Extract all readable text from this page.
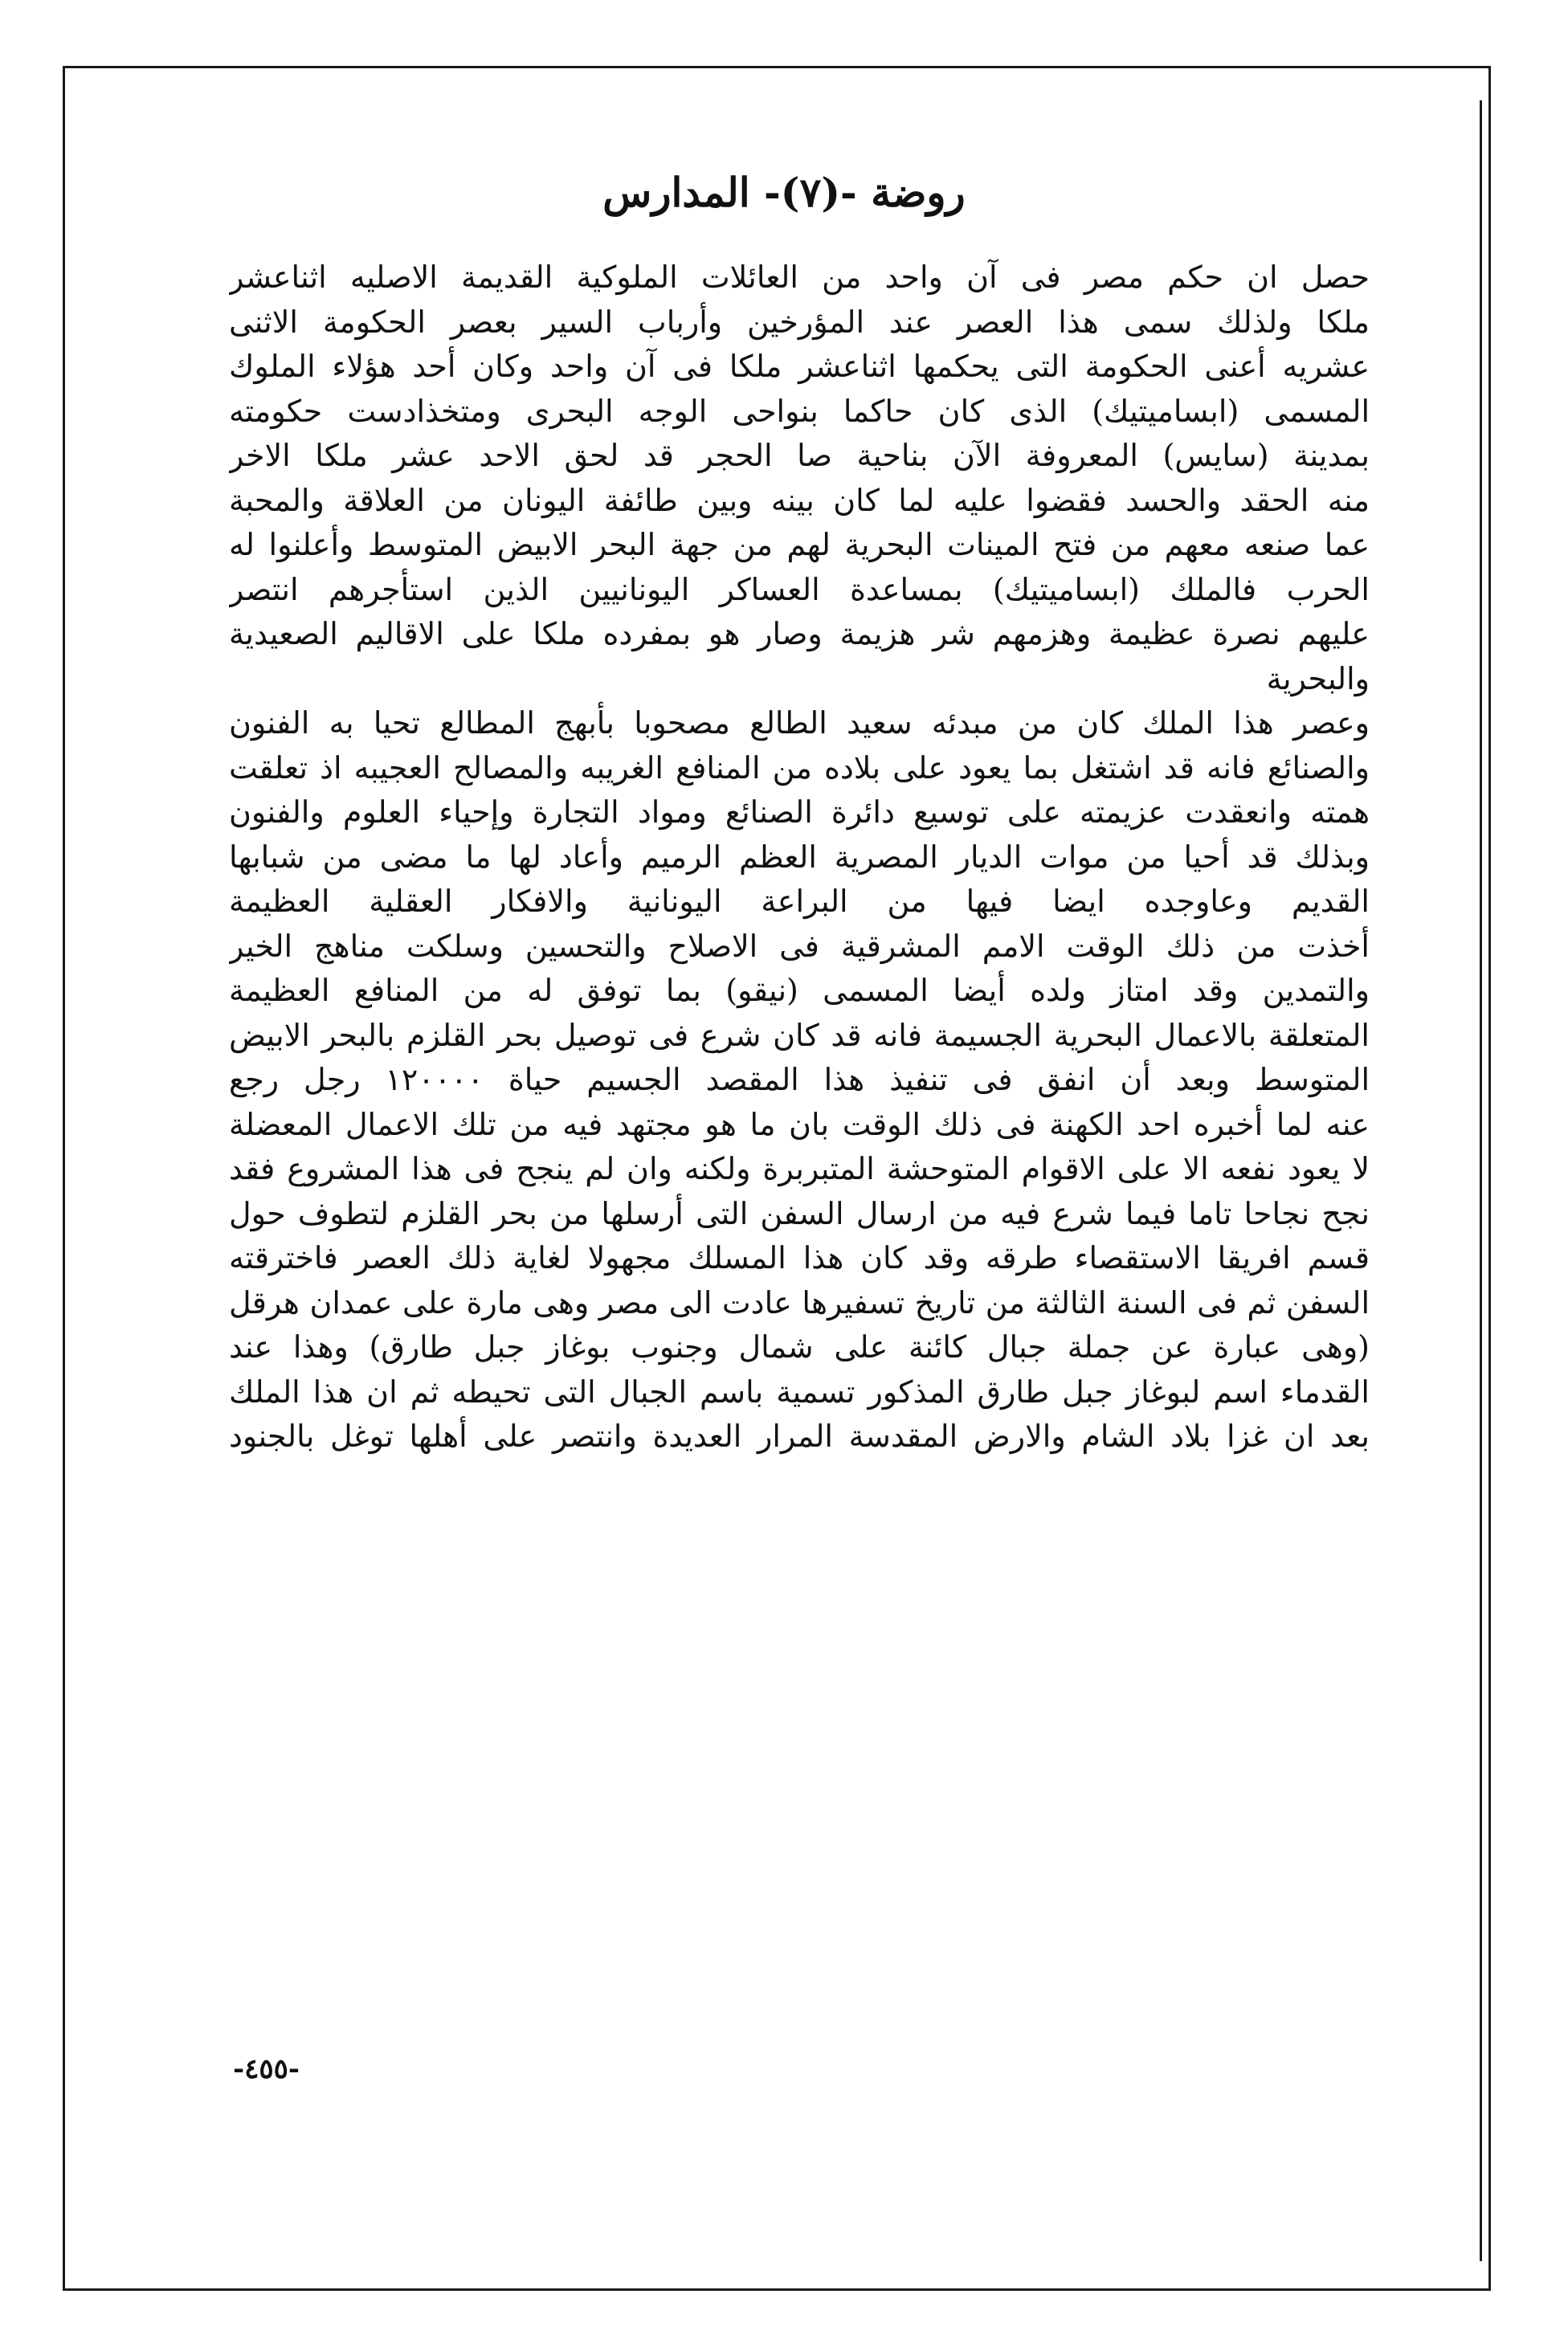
روضة -(٧)- المدارس
حصل ان حكم مصر فى آن واحد من العائلات الملوكية القديمة الاصليه اثناعشر
ملكا ولذلك سمى هذا العصر عند المؤرخين وأرباب السير بعصر الحكومة الاثنى
عشريه أعنى الحكومة التى يحكمها اثناعشر ملكا فى آن واحد وكان أحد هؤلاء الملوك
المسمى (ابساميتيك) الذى كان حاكما بنواحى الوجه البحرى ومتخذادست حكومته
بمدينة (سايس) المعروفة الآن بناحية صا الحجر قد لحق الاحد عشر ملكا الاخر
منه الحقد والحسد فقضوا عليه لما كان بينه وبين طائفة اليونان من العلاقة والمحبة
عما صنعه معهم من فتح المينات البحرية لهم من جهة البحر الابيض المتوسط وأعلنوا له
الحرب فالملك (ابساميتيك) بمساعدة العساكر اليونانيين الذين استأجرهم انتصر
عليهم نصرة عظيمة وهزمهم شر هزيمة وصار هو بمفرده ملكا على الاقاليم الصعيدية
والبحرية
وعصر هذا الملك كان من مبدئه سعيد الطالع مصحوبا بأبهج المطالع تحيا به الفنون
والصنائع فانه قد اشتغل بما يعود على بلاده من المنافع الغريبه والمصالح العجيبه اذ تعلقت
همته وانعقدت عزيمته على توسيع دائرة الصنائع ومواد التجارة وإحياء العلوم والفنون
وبذلك قد أحيا من موات الديار المصرية العظم الرميم وأعاد لها ما مضى من شبابها
القديم وعاوجده ايضا فيها من البراعة اليونانية والافكار العقلية العظيمة
أخذت من ذلك الوقت الامم المشرقية فى الاصلاح والتحسين وسلكت مناهج الخير
والتمدين وقد امتاز ولده أيضا المسمى (نيقو) بما توفق له من المنافع العظيمة
المتعلقة بالاعمال البحرية الجسيمة فانه قد كان شرع فى توصيل بحر القلزم بالبحر الابيض
المتوسط وبعد أن انفق فى تنفيذ هذا المقصد الجسيم حياة ١٢٠٠٠٠ رجل رجع
عنه لما أخبره احد الكهنة فى ذلك الوقت بان ما هو مجتهد فيه من تلك الاعمال المعضلة
لا يعود نفعه الا على الاقوام المتوحشة المتبربرة ولكنه وان لم ينجح فى هذا المشروع فقد
نجح نجاحا تاما فيما شرع فيه من ارسال السفن التى أرسلها من بحر القلزم لتطوف حول
قسم افريقا الاستقصاء طرقه وقد كان هذا المسلك مجهولا لغاية ذلك العصر فاخترقته
السفن ثم فى السنة الثالثة من تاريخ تسفيرها عادت الى مصر وهى مارة على عمدان هرقل
(وهى عبارة عن جملة جبال كائنة على شمال وجنوب بوغاز جبل طارق) وهذا عند
القدماء اسم لبوغاز جبل طارق المذكور تسمية باسم الجبال التى تحيطه ثم ان هذا الملك
بعد ان غزا بلاد الشام والارض المقدسة المرار العديدة وانتصر على أهلها توغل بالجنود
-٤٥٥-
